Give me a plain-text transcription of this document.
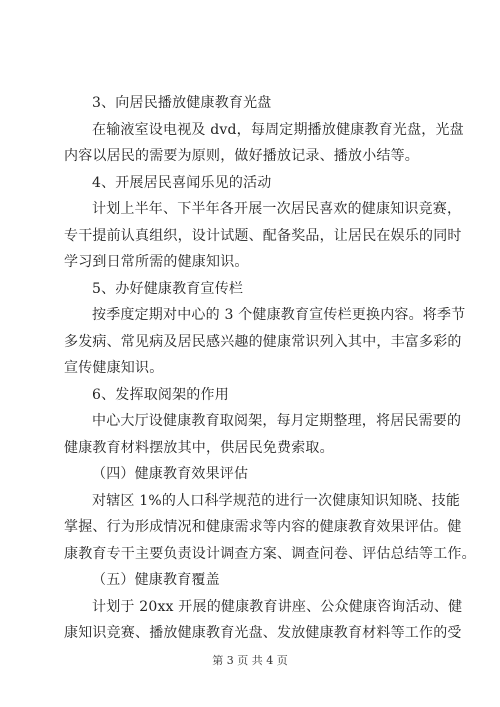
3、向居民播放健康教育光盘
在输液室设电视及 dvd，每周定期播放健康教育光盘，光盘
内容以居民的需要为原则，做好播放记录、播放小结等。
4、开展居民喜闻乐见的活动
计划上半年、下半年各开展一次居民喜欢的健康知识竞赛，
专干提前认真组织，设计试题、配备奖品，让居民在娱乐的同时
学习到日常所需的健康知识。
5、办好健康教育宣传栏
按季度定期对中心的 3 个健康教育宣传栏更换内容。将季节
多发病、常见病及居民感兴趣的健康常识列入其中，丰富多彩的
宣传健康知识。
6、发挥取阅架的作用
中心大厅设健康教育取阅架，每月定期整理，将居民需要的
健康教育材料摆放其中，供居民免费索取。
（四）健康教育效果评估
对辖区 1%的人口科学规范的进行一次健康知识知晓、技能
掌握、行为形成情况和健康需求等内容的健康教育效果评估。健
康教育专干主要负责设计调查方案、调查问卷、评估总结等工作。
（五）健康教育覆盖
计划于 20xx 开展的健康教育讲座、公众健康咨询活动、健
康知识竞赛、播放健康教育光盘、发放健康教育材料等工作的受
第 3 页 共 4 页
